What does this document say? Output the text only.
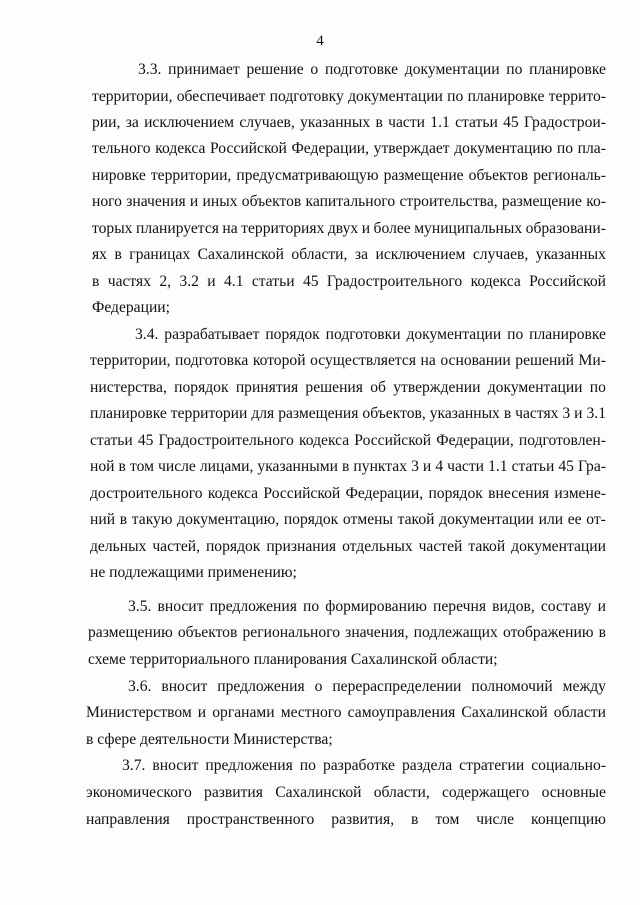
4
3.3. принимает решение о подготовке документации по планировке
территории, обеспечивает подготовку документации по планировке террито-
рии, за исключением случаев, указанных в части 1.1 статьи 45 Градострои-
тельного кодекса Российской Федерации, утверждает документацию по пла-
нировке территории, предусматривающую размещение объектов региональ-
ного значения и иных объектов капитального строительства, размещение ко-
торых планируется на территориях двух и более муниципальных образовани-
ях в границах Сахалинской области, за исключением случаев, указанных
в частях 2, 3.2 и 4.1 статьи 45 Градостроительного кодекса Российской
Федерации;
3.4. разрабатывает порядок подготовки документации по планировке
территории, подготовка которой осуществляется на основании решений Ми-
нистерства, порядок принятия решения об утверждении документации по
планировке территории для размещения объектов, указанных в частях 3 и 3.1
статьи 45 Градостроительного кодекса Российской Федерации, подготовлен-
ной в том числе лицами, указанными в пунктах 3 и 4 части 1.1 статьи 45 Гра-
достроительного кодекса Российской Федерации, порядок внесения измене-
ний в такую документацию, порядок отмены такой документации или ее от-
дельных частей, порядок признания отдельных частей такой документации
не подлежащими применению;
3.5. вносит предложения по формированию перечня видов, составу и
размещению объектов регионального значения, подлежащих отображению в
схеме территориального планирования Сахалинской области;
3.6. вносит предложения о перераспределении полномочий между
Министерством и органами местного самоуправления Сахалинской области
в сфере деятельности Министерства;
3.7. вносит предложения по разработке раздела стратегии социально-
экономического развития Сахалинской области, содержащего основные
направления пространственного развития, в том числе концепцию
